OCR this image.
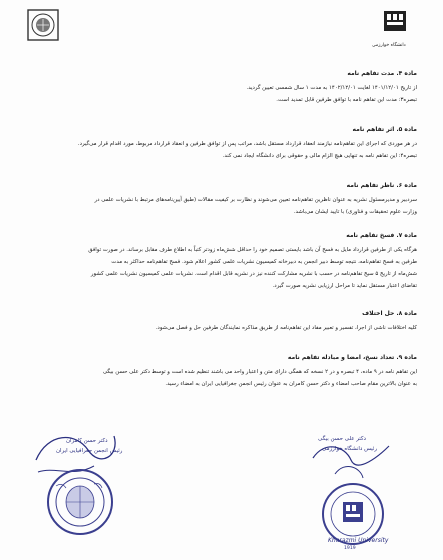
دانشگاه خوارزمی
ماده ۴. مدت تفاهم نامه
از تاریخ ۱۴۰۱/۱۲/۰۱ لغایت ۱۴۰۲/۱۲/۰۱ به مدت ۱ سال شمسی تعیین گردید.
تبصره۳: مدت این تفاهم نامه با توافق طرفین قابل تمدید است.
ماده ۵. اثر تفاهم نامه
در هر موردی که اجرای این تفاهم‌نامه نیازمند انعقاد قرارداد مستقل باشد، مراتب پس از توافق طرفین و انعقاد قرارداد مربوط، مورد اقدام قرار می‌گیرد.
تبصره۴: این تفاهم نامه به تنهایی هیچ الزام مالی و حقوقی برای دانشگاه ایجاد نمی کند.
ماده ۶. ناظر تفاهم نامه
سردبیر و مدیرمسئول نشریه به عنوان ناظرین تفاهم‌نامه تعیین می‌شوند و نظارت بر کیفیت مقالات (طبق آیین‌نامه‌های مرتبط با نشریات علمی در
وزارت علوم تحقیقات و فناوری) با تایید ایشان می‌باشد.
ماده ۷. فسخ تفاهم نامه
هرگاه یکی از طرفین قرارداد مایل به فسخ آن باشد بایستی تصمیم خود را حداقل شش‌ماه زودتر کتباً به اطلاع طرف مقابل برساند. در صورت توافق
طرفین به فسخ تفاهم‌نامه، نتیجه توسط دبیر انجمن به دبیرخانه کمیسیون نشریات علمی کشور اعلام شود. فسخ تفاهم‌نامه حداکثر به مدت
شش‌ماه از تاریخ ۵ سیخ تفاهم‌نامه در حسب با نشریه مشارکت کننده نیز در نشریه قابل اقدام است. نشریات علمی کمیسیون نشریات علمی کشور
تقاضای اعتبار مستقل نماید تا مراحل ارزیابی نشریه صورت گیرد.
ماده ۸. حل اختلاف
کلیه اختلافات ناشی از اجرا، تفسیر و تعبیر مفاد این تفاهم‌نامه از طریق مذاکره نمایندگان طرفین حل و فصل می‌شود.
ماده ۹. تعداد نسخ، امضا و مبادله تفاهم نامه
این تفاهم نامه در ۹ ماده، ۴ تبصره و در ۲ نسخه که همگی دارای متن و اعتبار واحد می باشند تنظیم شده است و توسط دکتر علی حسن بیگی
به عنوان بالاترین مقام صاحب امضاء و دکتر حسن کامران به عنوان رئیس انجمن جغرافیایی ایران به امضاء رسید.
دکتر حسن کامران
رئیس انجمن جغرافیایی ایران
دکتر علی حسن بیگی
رئیس دانشگاه خوارزمی
Kharazmi University
1919
